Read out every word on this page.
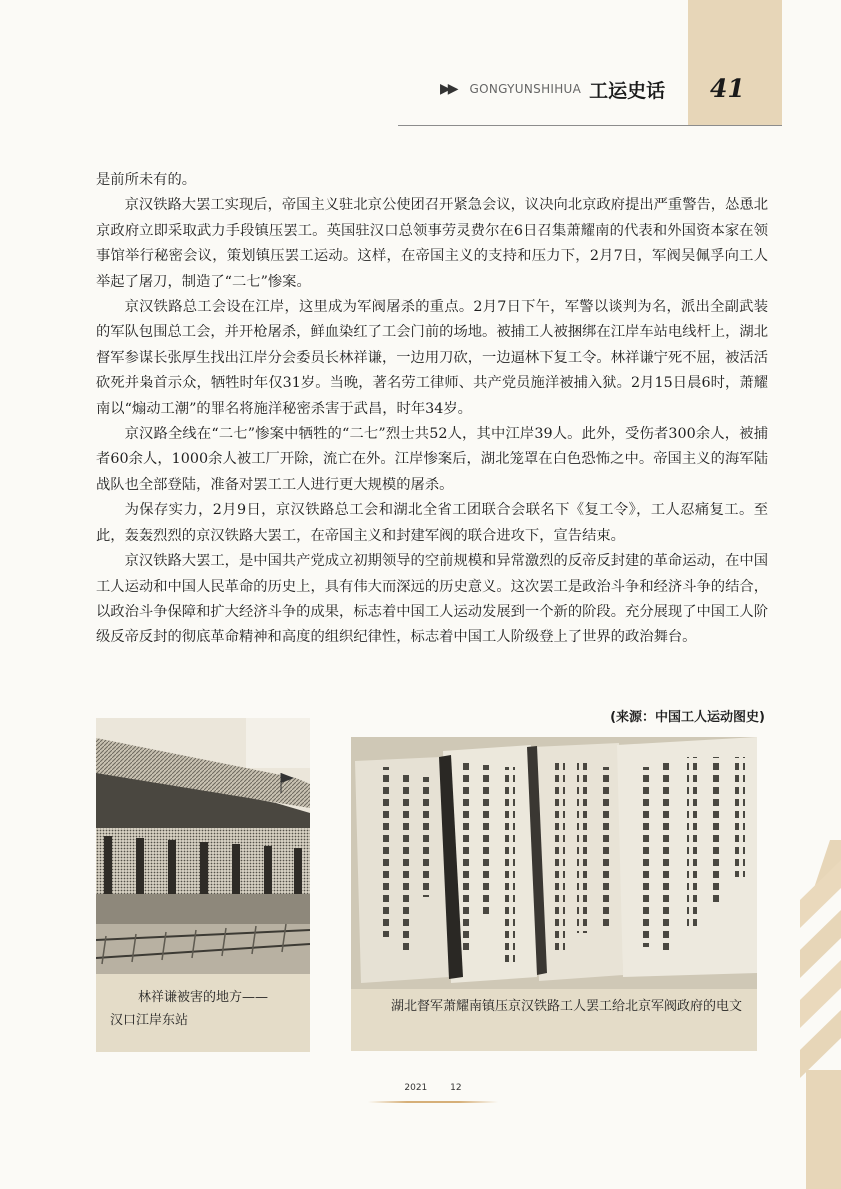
41
▶▶ GONGYUNSHIHUA 工运史话

是前所未有的。

京汉铁路大罢工实现后，帝国主义驻北京公使团召开紧急会议，议决向北京政府提出严重警告，怂恿北京政府立即采取武力手段镇压罢工。英国驻汉口总领事劳灵费尔在6日召集萧耀南的代表和外国资本家在领事馆举行秘密会议，策划镇压罢工运动。这样，在帝国主义的支持和压力下，2月7日，军阀吴佩孚向工人举起了屠刀，制造了“二七”惨案。

京汉铁路总工会设在江岸，这里成为军阀屠杀的重点。2月7日下午，军警以谈判为名，派出全副武装的军队包围总工会，并开枪屠杀，鲜血染红了工会门前的场地。被捕工人被捆绑在江岸车站电线杆上，湖北督军参谋长张厚生找出江岸分会委员长林祥谦，一边用刀砍，一边逼林下复工令。林祥谦宁死不屈，被活活砍死并枭首示众，牺牲时年仅31岁。当晚，著名劳工律师、共产党员施洋被捕入狱。2月15日晨6时，萧耀南以“煽动工潮”的罪名将施洋秘密杀害于武昌，时年34岁。

京汉路全线在“二七”惨案中牺牲的“二七”烈士共52人，其中江岸39人。此外，受伤者300余人，被捕者60余人，1000余人被工厂开除，流亡在外。江岸惨案后，湖北笼罩在白色恐怖之中。帝国主义的海军陆战队也全部登陆，准备对罢工工人进行更大规模的屠杀。

为保存实力，2月9日，京汉铁路总工会和湖北全省工团联合会联名下《复工令》，工人忍痛复工。至此，轰轰烈烈的京汉铁路大罢工，在帝国主义和封建军阀的联合进攻下，宣告结束。

京汉铁路大罢工，是中国共产党成立初期领导的空前规模和异常激烈的反帝反封建的革命运动，在中国工人运动和中国人民革命的历史上，具有伟大而深远的历史意义。这次罢工是政治斗争和经济斗争的结合，以政治斗争保障和扩大经济斗争的成果，标志着中国工人运动发展到一个新的阶段。充分展现了中国工人阶级反帝反封的彻底革命精神和高度的组织纪律性，标志着中国工人阶级登上了世界的政治舞台。

(来源：中国工人运动图史)
林祥谦被害的地方——
汉口江岸东站
湖北督军萧耀南镇压京汉铁路工人罢工给北京军阀政府的电文
2021	12
